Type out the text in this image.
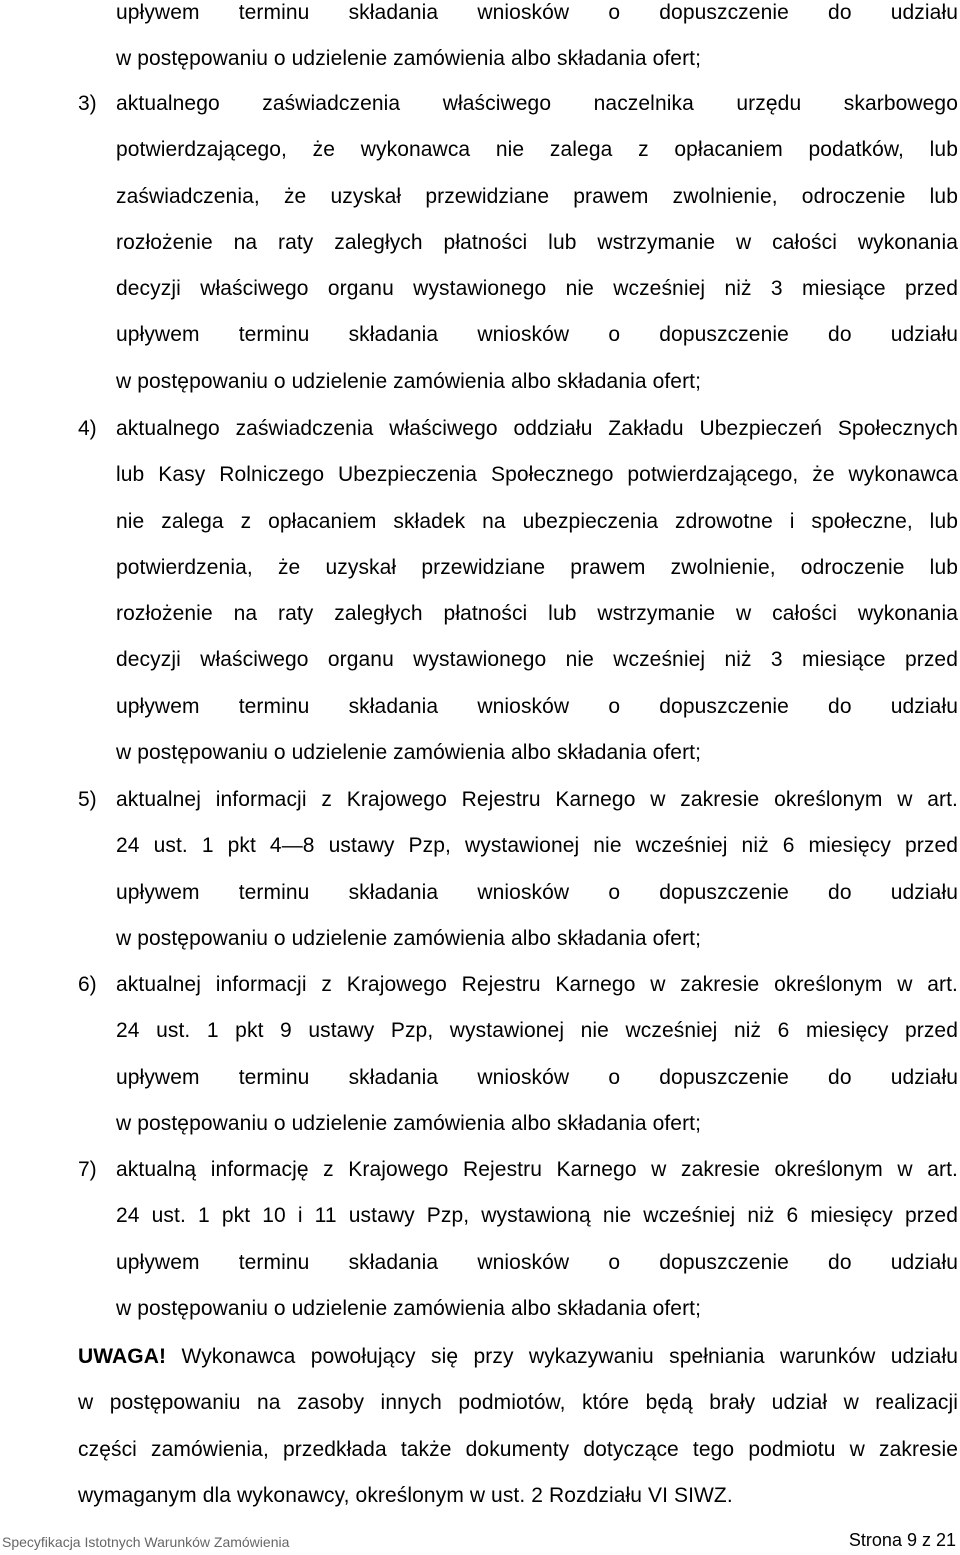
upływem terminu składania wniosków o dopuszczenie do udziału
w postępowaniu o udzielenie zamówienia albo składania ofert;
3) aktualnego zaświadczenia właściwego naczelnika urzędu skarbowego
potwierdzającego, że wykonawca nie zalega z opłacaniem podatków, lub
zaświadczenia, że uzyskał przewidziane prawem zwolnienie, odroczenie lub
rozłożenie na raty zaległych płatności lub wstrzymanie w całości wykonania
decyzji właściwego organu wystawionego nie wcześniej niż 3 miesiące przed
upływem terminu składania wniosków o dopuszczenie do udziału
w postępowaniu o udzielenie zamówienia albo składania ofert;
4) aktualnego zaświadczenia właściwego oddziału Zakładu Ubezpieczeń Społecznych
lub Kasy Rolniczego Ubezpieczenia Społecznego potwierdzającego, że wykonawca
nie zalega z opłacaniem składek na ubezpieczenia zdrowotne i społeczne, lub
potwierdzenia, że uzyskał przewidziane prawem zwolnienie, odroczenie lub
rozłożenie na raty zaległych płatności lub wstrzymanie w całości wykonania
decyzji właściwego organu wystawionego nie wcześniej niż 3 miesiące przed
upływem terminu składania wniosków o dopuszczenie do udziału
w postępowaniu o udzielenie zamówienia albo składania ofert;
5) aktualnej informacji z Krajowego Rejestru Karnego w zakresie określonym w art.
24 ust. 1 pkt 4—8 ustawy Pzp, wystawionej nie wcześniej niż 6 miesięcy przed
upływem terminu składania wniosków o dopuszczenie do udziału
w postępowaniu o udzielenie zamówienia albo składania ofert;
6) aktualnej informacji z Krajowego Rejestru Karnego w zakresie określonym w art.
24 ust. 1 pkt 9 ustawy Pzp, wystawionej nie wcześniej niż 6 miesięcy przed
upływem terminu składania wniosków o dopuszczenie do udziału
w postępowaniu o udzielenie zamówienia albo składania ofert;
7) aktualną informację z Krajowego Rejestru Karnego w zakresie określonym w art.
24 ust. 1 pkt 10 i 11 ustawy Pzp, wystawioną nie wcześniej niż 6 miesięcy przed
upływem terminu składania wniosków o dopuszczenie do udziału
w postępowaniu o udzielenie zamówienia albo składania ofert;
UWAGA! Wykonawca powołujący się przy wykazywaniu spełniania warunków udziału
w postępowaniu na zasoby innych podmiotów, które będą brały udział w realizacji
części zamówienia, przedkłada także dokumenty dotyczące tego podmiotu w zakresie
wymaganym dla wykonawcy, określonym w ust. 2 Rozdziału VI SIWZ.
Specyfikacja Istotnych Warunków Zamówienia	Strona 9 z 21
